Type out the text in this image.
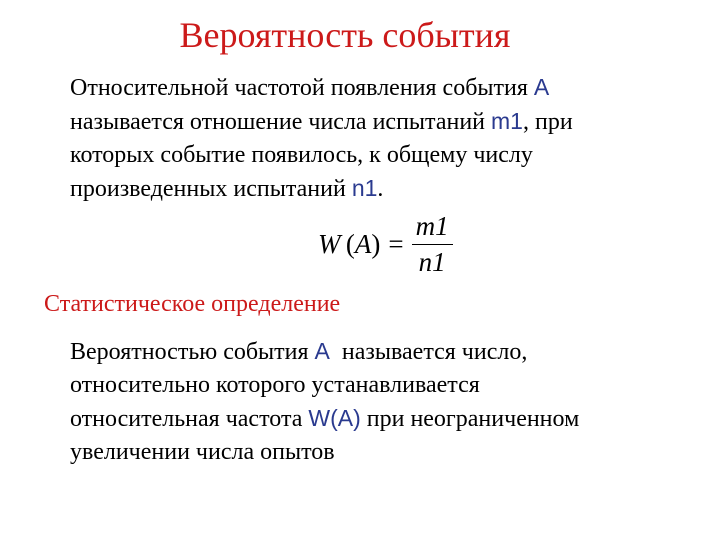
Вероятность события
Относительной частотой появления события A
называется отношение числа испытаний m1, при
которых событие появилось, к общему числу
произведенных испытаний n1.
W  ( A ) = $\frac{m1}{n1}$
Статистическое определение
Вероятностью события A  называется число,
относительно которого устанавливается
относительная частота W(A) при неограниченном
увеличении числа опытов
